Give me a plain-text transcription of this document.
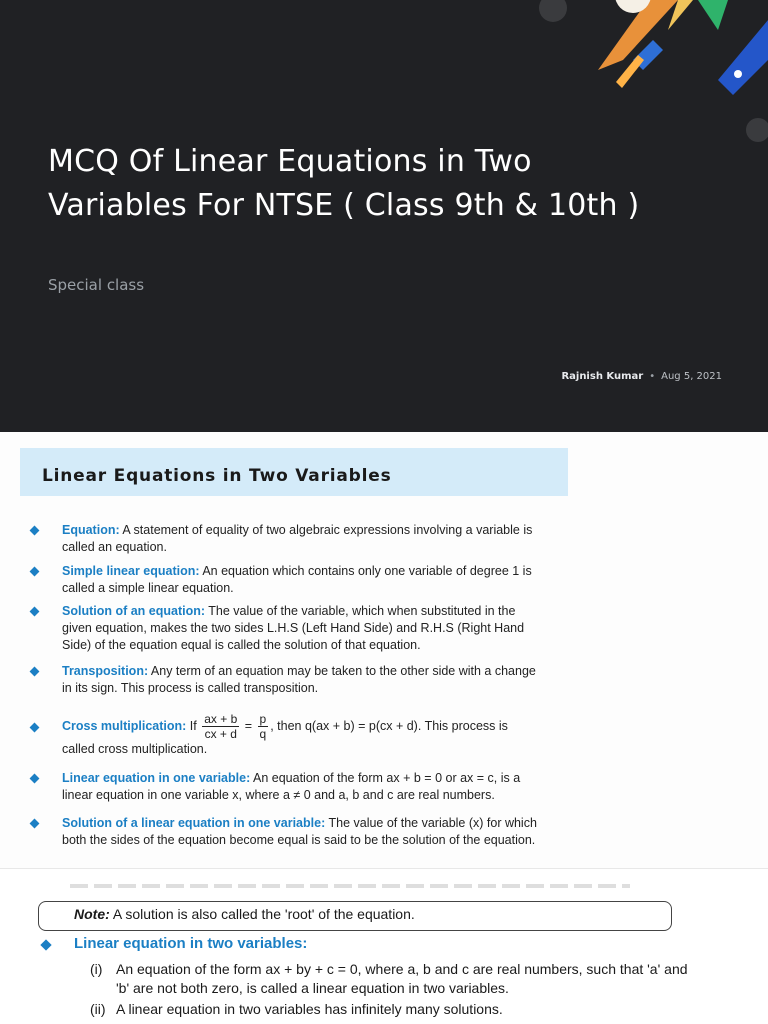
MCQ Of Linear Equations in Two Variables For NTSE ( Class 9th & 10th )
Special class
Rajnish Kumar • Aug 5, 2021
Linear Equations in Two Variables
Equation: A statement of equality of two algebraic expressions involving a variable is called an equation.
Simple linear equation: An equation which contains only one variable of degree 1 is called a simple linear equation.
Solution of an equation: The value of the variable, which when substituted in the given equation, makes the two sides L.H.S (Left Hand Side) and R.H.S (Right Hand Side) of the equation equal is called the solution of that equation.
Transposition: Any term of an equation may be taken to the other side with a change in its sign. This process is called transposition.
Cross multiplication: If $\frac{ax + b}{cx + d} = \frac{p}{q}$ , then q(ax + b) = p(cx + d). This process is called cross multiplication.
Linear equation in one variable: An equation of the form ax + b = 0 or ax = c, is a linear equation in one variable x, where a ≠ 0 and a, b and c are real numbers.
Solution of a linear equation in one variable: The value of the variable (x) for which both the sides of the equation become equal is said to be the solution of the equation.
Note: A solution is also called the 'root' of the equation.
Linear equation in two variables:
(i) An equation of the form ax + by + c = 0, where a, b and c are real numbers, such that 'a' and 'b' are not both zero, is called a linear equation in two variables.
(ii) A linear equation in two variables has infinitely many solutions.
